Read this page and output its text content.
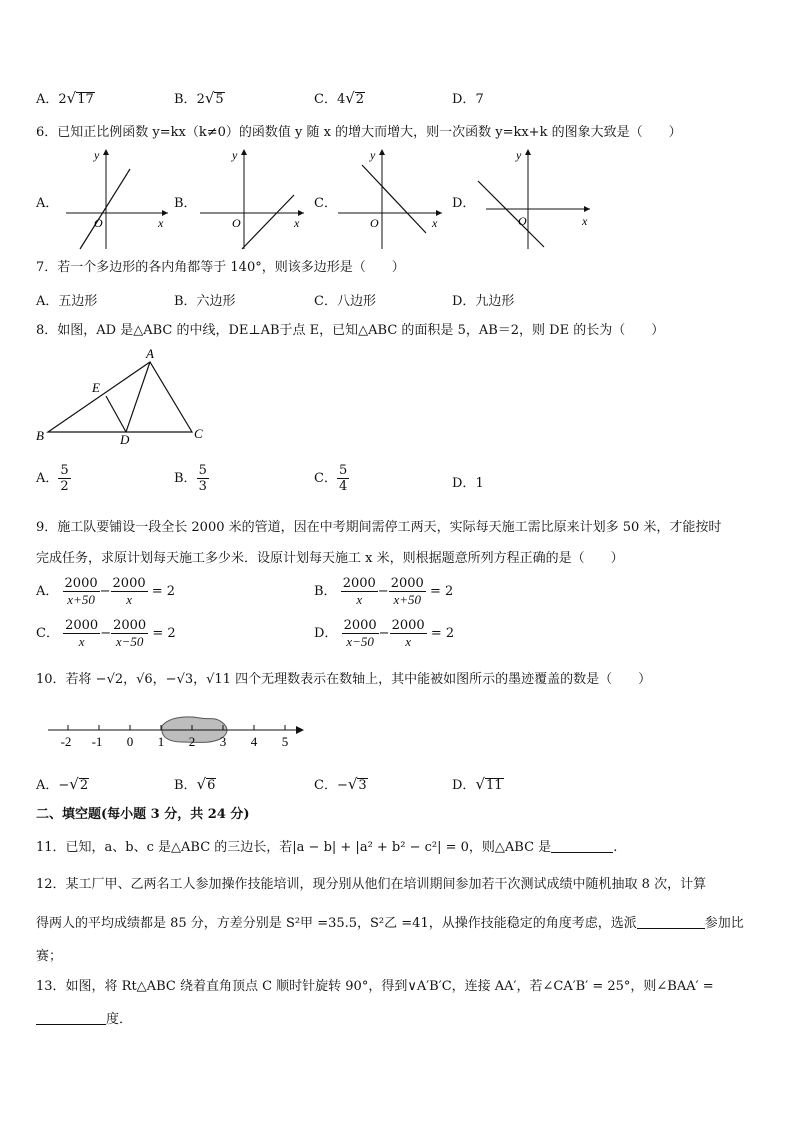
A．2√17	B．2√5	C．4√2	D．7
6．已知正比例函数 y=kx（k≠0）的函数值 y 随 x 的增大而增大，则一次函数 y=kx+k 的图象大致是（　　）
A．	B．	C．	D．
y
x
O
y
x
O
y
x
O
y
x
O
7．若一个多边形的各内角都等于 140°，则该多边形是（　　）
A．五边形	B．六边形	C．八边形	D．九边形
8．如图，AD 是△ABC 的中线，DE⊥AB于点 E，已知△ABC 的面积是 5，AB＝2，则 DE 的长为（　　）
A
E
B	D	C
A． $\frac{5}{2}$	B． $\frac{5}{3}$	C． $\frac{5}{4}$	D．1
9．施工队要铺设一段全长 2000 米的管道，因在中考期间需停工两天，实际每天施工需比原来计划多 50 米，才能按时
完成任务，求原计划每天施工多少米．设原计划每天施工 x 米，则根据题意所列方程正确的是（　　）
A． $\frac{2000}{x+50} - \frac{2000}{x} = 2$	B． $\frac{2000}{x} - \frac{2000}{x+50} = 2$
C． $\frac{2000}{x} - \frac{2000}{x-50} = 2$	D． $\frac{2000}{x-50} - \frac{2000}{x} = 2$
10．若将 −√2，√6，−√3，√11 四个无理数表示在数轴上，其中能被如图所示的墨迹覆盖的数是（　　）
-2 -1 0 1 2 3 4 5
A．−√2	B．√6	C．−√3	D．√11
二、填空题(每小题 3 分，共 24 分)
11．已知，a、b、c 是△ABC 的三边长，若|a − b| + |a² + b² − c²| = 0，则△ABC 是	.
12．某工厂甲、乙两名工人参加操作技能培训，现分别从他们在培训期间参加若干次测试成绩中随机抽取 8 次，计算
得两人的平均成绩都是 85 分，方差分别是 S²甲 =35.5，S²乙 =41，从操作技能稳定的角度考虑，选派	参加比
赛；
13．如图，将 Rt△ABC 绕着直角顶点 C 顺时针旋转 90°，得到∨A′B′C，连接 AA′，若∠CA′B′ = 25°，则∠BAA′ =
度．
